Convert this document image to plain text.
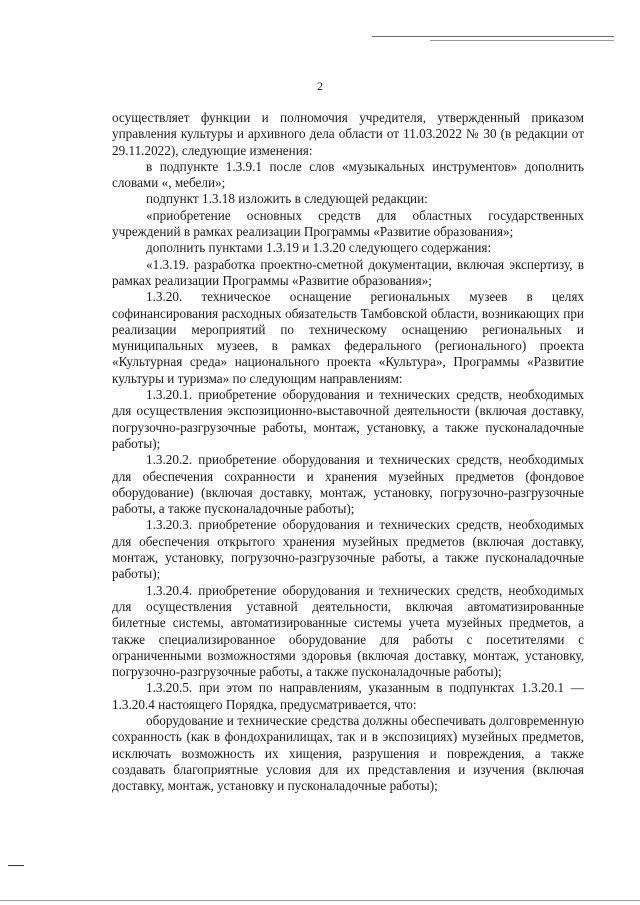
2

осуществляет функции и полномочия учредителя, утвержденный приказом управления культуры и архивного дела области от 11.03.2022 № 30 (в редакции от 29.11.2022), следующие изменения:

в подпункте 1.3.9.1 после слов «музыкальных инструментов» дополнить словами «, мебели»;

подпункт 1.3.18 изложить в следующей редакции:

«приобретение основных средств для областных государственных учреждений в рамках реализации Программы «Развитие образования»;

дополнить пунктами 1.3.19 и 1.3.20 следующего содержания:

«1.3.19. разработка проектно-сметной документации, включая экспертизу, в рамках реализации Программы «Развитие образования»;

1.3.20. техническое оснащение региональных музеев в целях софинансирования расходных обязательств Тамбовской области, возникающих при реализации мероприятий по техническому оснащению региональных и муниципальных музеев, в рамках федерального (регионального) проекта «Культурная среда» национального проекта «Культура», Программы «Развитие культуры и туризма» по следующим направлениям:

1.3.20.1. приобретение оборудования и технических средств, необходимых для осуществления экспозиционно-выставочной деятельности (включая доставку, погрузочно-разгрузочные работы, монтаж, установку, а также пусконаладочные работы);

1.3.20.2. приобретение оборудования и технических средств, необходимых для обеспечения сохранности и хранения музейных предметов (фондовое оборудование) (включая доставку, монтаж, установку, погрузочно-разгрузочные работы, а также пусконаладочные работы);

1.3.20.3. приобретение оборудования и технических средств, необходимых для обеспечения открытого хранения музейных предметов (включая доставку, монтаж, установку, погрузочно-разгрузочные работы, а также пусконаладочные работы);

1.3.20.4. приобретение оборудования и технических средств, необходимых для осуществления уставной деятельности, включая автоматизированные билетные системы, автоматизированные системы учета музейных предметов, а также специализированное оборудование для работы с посетителями с ограниченными возможностями здоровья (включая доставку, монтаж, установку, погрузочно-разгрузочные работы, а также пусконаладочные работы);

1.3.20.5. при этом по направлениям, указанным в подпунктах 1.3.20.1 — 1.3.20.4 настоящего Порядка, предусматривается, что:

оборудование и технические средства должны обеспечивать долговременную сохранность (как в фондохранилищах, так и в экспозициях) музейных предметов, исключать возможность их хищения, разрушения и повреждения, а также создавать благоприятные условия для их представления и изучения (включая доставку, монтаж, установку и пусконаладочные работы);
